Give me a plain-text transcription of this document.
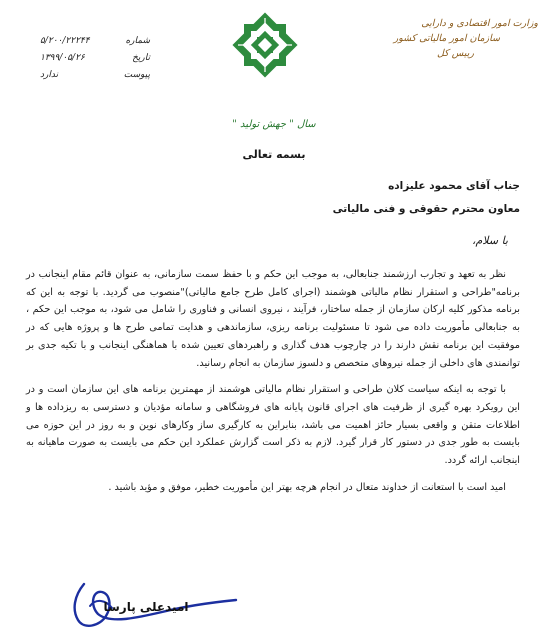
وزارت امور اقتصادی و دارایی
سازمان امور مالیاتی کشور
رییس کل
شماره
۵/۲۰۰/۲۲۲۴۴
تاریخ
۱۳۹۹/۰۵/۲۶
پیوست
ندارد
سال " جهش تولید "
بسمه تعالی
جناب آقای محمود علیزاده
معاون محترم حقوقی و فنی مالیاتی
با سلام،

نظر به تعهد و تجارب ارزشمند جنابعالی، به موجب این حکم و با حفظ سمت سازمانی، به عنوان قائم مقام اینجانب در برنامه"طراحی و استقرار نظام مالیاتی هوشمند (اجرای کامل طرح جامع مالیاتی)"منصوب می گردید. با توجه به این که برنامه مذکور کلیه ارکان سازمان از جمله ساختار، فرآیند ، نیروی انسانی و فناوری را شامل می شود، به موجب این حکم ، به جنابعالی مأموریت داده می شود تا مسئولیت برنامه ریزی، سازماندهی و هدایت تمامی طرح ها و پروژه هایی که در موفقیت این برنامه نقش دارند را در چارچوب هدف گذاری و راهبردهای تعیین شده با هماهنگی اینجانب و با تکیه جدی بر توانمندی های داخلی از جمله نیروهای متخصص و دلسوز سازمان به انجام رسانید.

با توجه به اینکه سیاست کلان طراحی و استقرار نظام مالیاتی هوشمند از مهمترین برنامه های این سازمان است و در این رویکرد بهره گیری از ظرفیت های اجرای قانون پایانه های فروشگاهی و سامانه مؤدیان و دسترسی به ریزداده ها و اطلاعات متقن و واقعی بسیار حائز اهمیت می باشد، بنابراین به کارگیری ساز وکارهای نوین و به روز در این حوزه می بایست به طور جدی در دستور کار قرار گیرد. لازم به ذکر است گزارش عملکرد این حکم می بایست به صورت ماهیانه به اینجانب ارائه گردد.

امید است با استعانت از خداوند متعال در انجام هرچه بهتر این مأموریت خطیر، موفق و مؤید باشید .

امیدعلی پارسا
